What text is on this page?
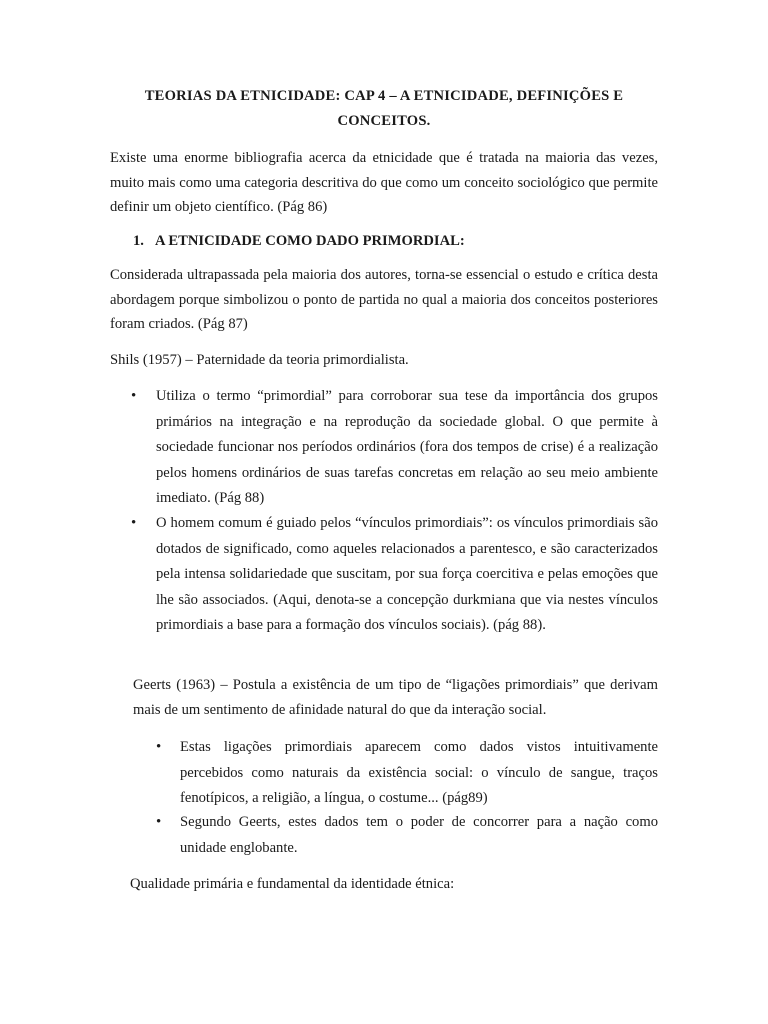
TEORIAS DA ETNICIDADE: CAP 4 – A ETNICIDADE, DEFINIÇÕES E CONCEITOS.

Existe uma enorme bibliografia acerca da etnicidade que é tratada na maioria das vezes, muito mais como uma categoria descritiva do que como um conceito sociológico que permite definir um objeto científico. (Pág 86)

1. A ETNICIDADE COMO DADO PRIMORDIAL:

Considerada ultrapassada pela maioria dos autores, torna-se essencial o estudo e crítica desta abordagem porque simbolizou o ponto de partida no qual a maioria dos conceitos posteriores foram criados. (Pág 87)

Shils (1957) – Paternidade da teoria primordialista.

• Utiliza o termo “primordial” para corroborar sua tese da importância dos grupos primários na integração e na reprodução da sociedade global. O que permite à sociedade funcionar nos períodos ordinários (fora dos tempos de crise) é a realização pelos homens ordinários de suas tarefas concretas em relação ao seu meio ambiente imediato. (Pág 88)

• O homem comum é guiado pelos “vínculos primordiais”: os vínculos primordiais são dotados de significado, como aqueles relacionados a parentesco, e são caracterizados pela intensa solidariedade que suscitam, por sua força coercitiva e pelas emoções que lhe são associados. (Aqui, denota-se a concepção durkmiana que via nestes vínculos primordiais a base para a formação dos vínculos sociais). (pág 88).

Geerts (1963) – Postula a existência de um tipo de “ligações primordiais” que derivam mais de um sentimento de afinidade natural do que da interação social.

• Estas ligações primordiais aparecem como dados vistos intuitivamente percebidos como naturais da existência social: o vínculo de sangue, traços fenotípicos, a religião, a língua, o costume... (pág89)

• Segundo Geerts, estes dados tem o poder de concorrer para a nação como unidade englobante.

Qualidade primária e fundamental da identidade étnica:
